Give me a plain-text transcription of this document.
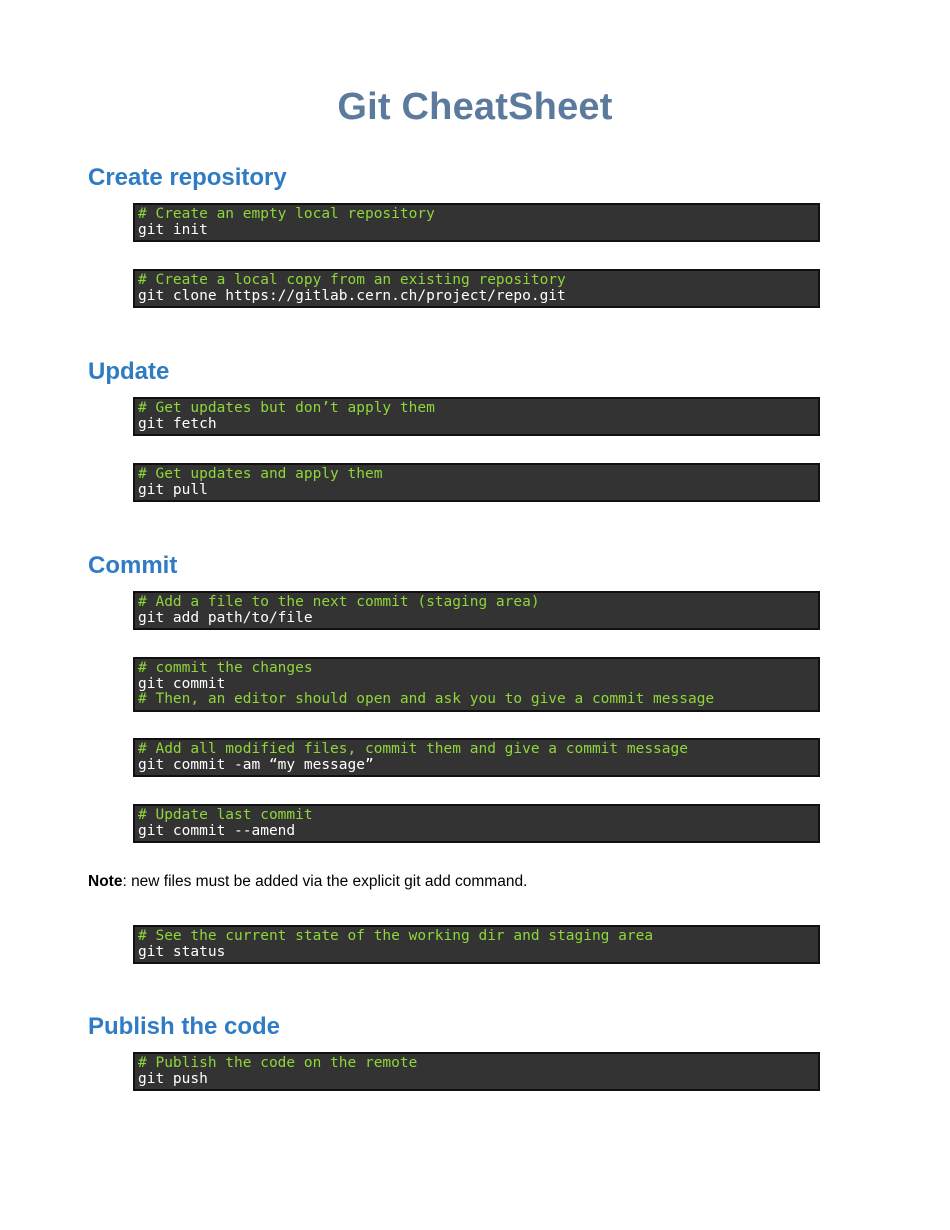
Git CheatSheet
Create repository
# Create an empty local repository
git init
# Create a local copy from an existing repository
git clone https://gitlab.cern.ch/project/repo.git
Update
# Get updates but don’t apply them
git fetch
# Get updates and apply them
git pull
Commit
# Add a file to the next commit (staging area)
git add path/to/file
# commit the changes
git commit
# Then, an editor should open and ask you to give a commit message
# Add all modified files, commit them and give a commit message
git commit -am “my message”
# Update last commit
git commit --amend

Note: new files must be added via the explicit git add command.

# See the current state of the working dir and staging area
git status
Publish the code
# Publish the code on the remote
git push
